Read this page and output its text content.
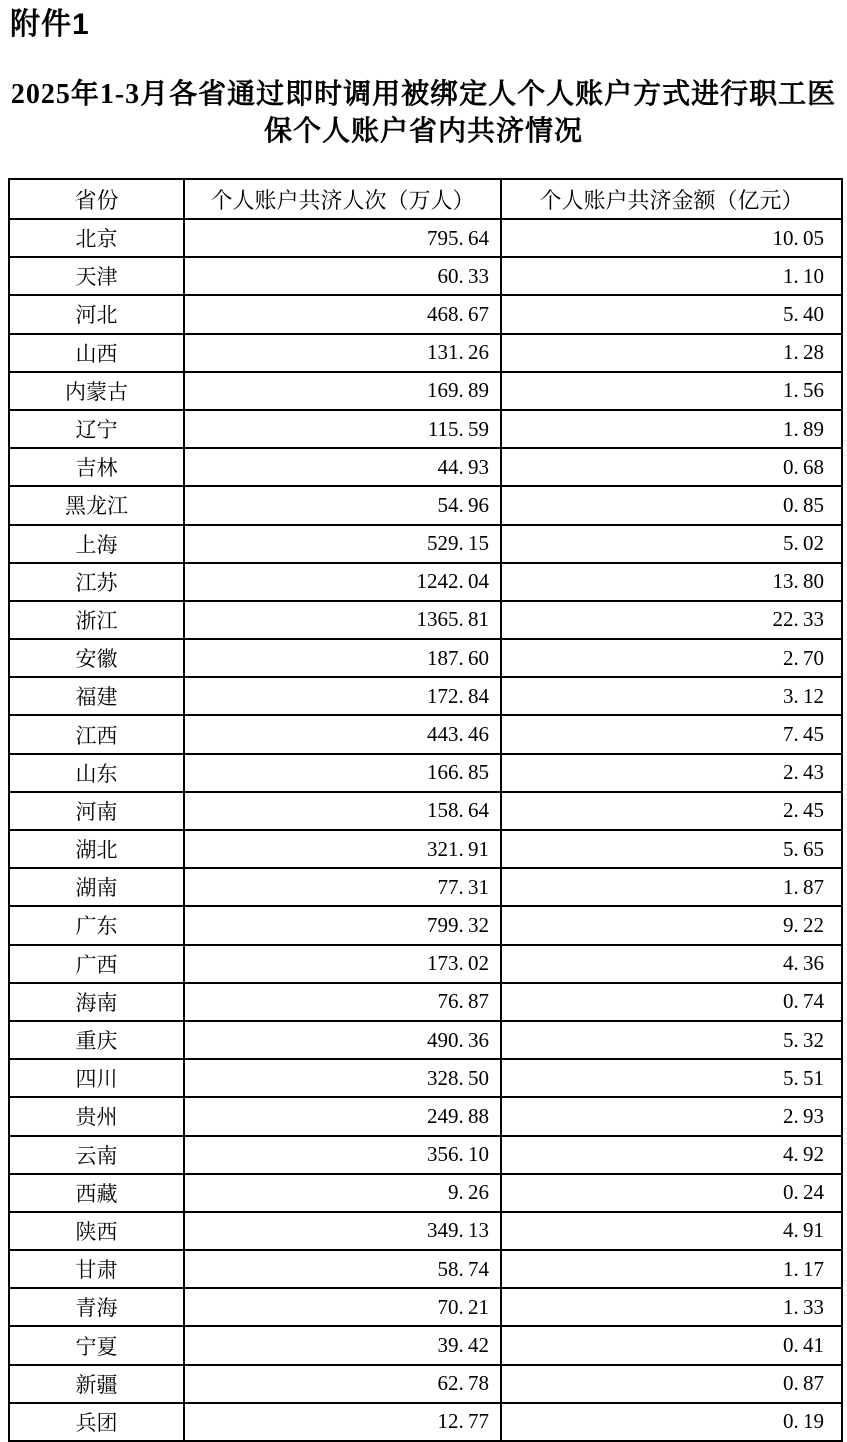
附件1
2025年1-3月各省通过即时调用被绑定人个人账户方式进行职工医
保个人账户省内共济情况
省份	个人账户共济人次（万人）	个人账户共济金额（亿元）
北京	795. 64	10. 05
天津	60. 33	1. 10
河北	468. 67	5. 40
山西	131. 26	1. 28
内蒙古	169. 89	1. 56
辽宁	115. 59	1. 89
吉林	44. 93	0. 68
黑龙江	54. 96	0. 85
上海	529. 15	5. 02
江苏	1242. 04	13. 80
浙江	1365. 81	22. 33
安徽	187. 60	2. 70
福建	172. 84	3. 12
江西	443. 46	7. 45
山东	166. 85	2. 43
河南	158. 64	2. 45
湖北	321. 91	5. 65
湖南	77. 31	1. 87
广东	799. 32	9. 22
广西	173. 02	4. 36
海南	76. 87	0. 74
重庆	490. 36	5. 32
四川	328. 50	5. 51
贵州	249. 88	2. 93
云南	356. 10	4. 92
西藏	9. 26	0. 24
陕西	349. 13	4. 91
甘肃	58. 74	1. 17
青海	70. 21	1. 33
宁夏	39. 42	0. 41
新疆	62. 78	0. 87
兵团	12. 77	0. 19
